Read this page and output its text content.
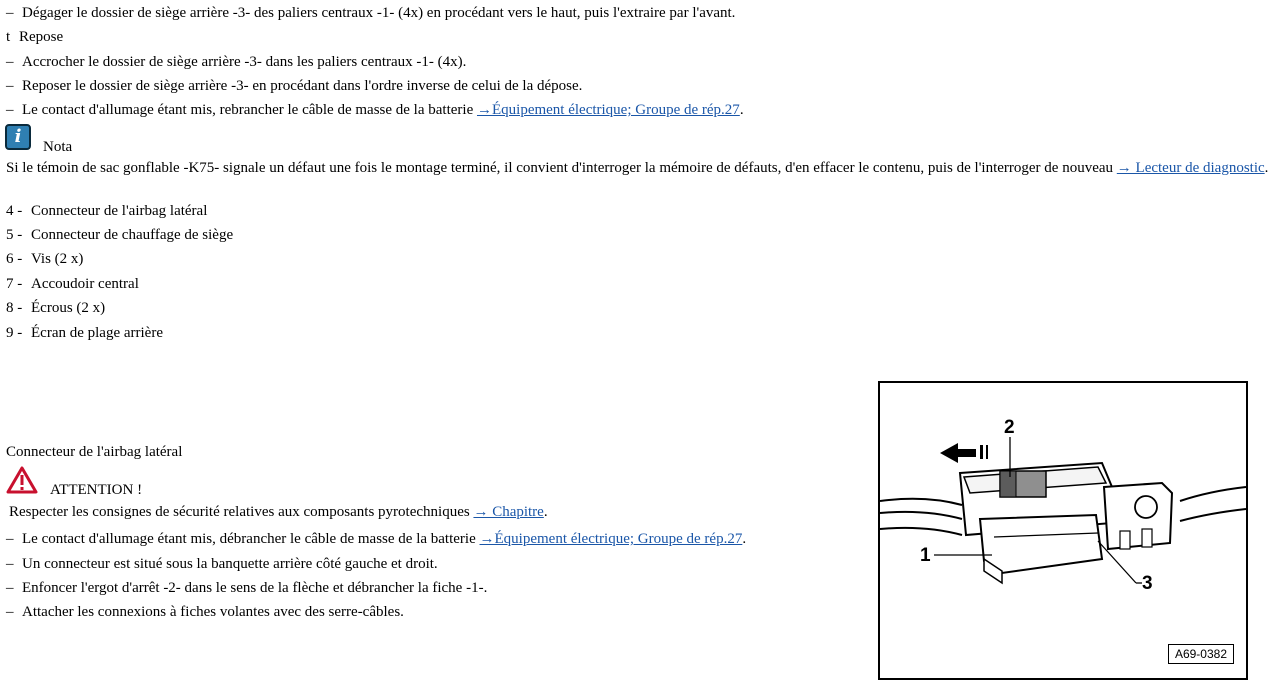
– Dégager le dossier de siège arrière -3- des paliers centraux -1- (4x) en procédant vers le haut, puis l'extraire par l'avant.
t Repose
– Accrocher le dossier de siège arrière -3- dans les paliers centraux -1- (4x).
– Reposer le dossier de siège arrière -3- en procédant dans l'ordre inverse de celui de la dépose.
– Le contact d'allumage étant mis, rebrancher le câble de masse de la batterie →Équipement électrique; Groupe de rép.27.
i	Nota
Si le témoin de sac gonflable -K75- signale un défaut une fois le montage terminé, il convient d'interroger la mémoire de défauts, d'en effacer le contenu, puis de l'interroger de nouveau → Lecteur de diagnostic.
4 - Connecteur de l'airbag latéral
5 - Connecteur de chauffage de siège
6 - Vis (2 x)
7 - Accoudoir central
8 - Écrous (2 x)
9 - Écran de plage arrière
Connecteur de l'airbag latéral
ATTENTION !
Respecter les consignes de sécurité relatives aux composants pyrotechniques → Chapitre.
– Le contact d'allumage étant mis, débrancher le câble de masse de la batterie →Équipement électrique; Groupe de rép.27.
– Un connecteur est situé sous la banquette arrière côté gauche et droit.
– Enfoncer l'ergot d'arrêt -2- dans le sens de la flèche et débrancher la fiche -1-.
– Attacher les connexions à fiches volantes avec des serre-câbles.
2
1
3
A69-0382
